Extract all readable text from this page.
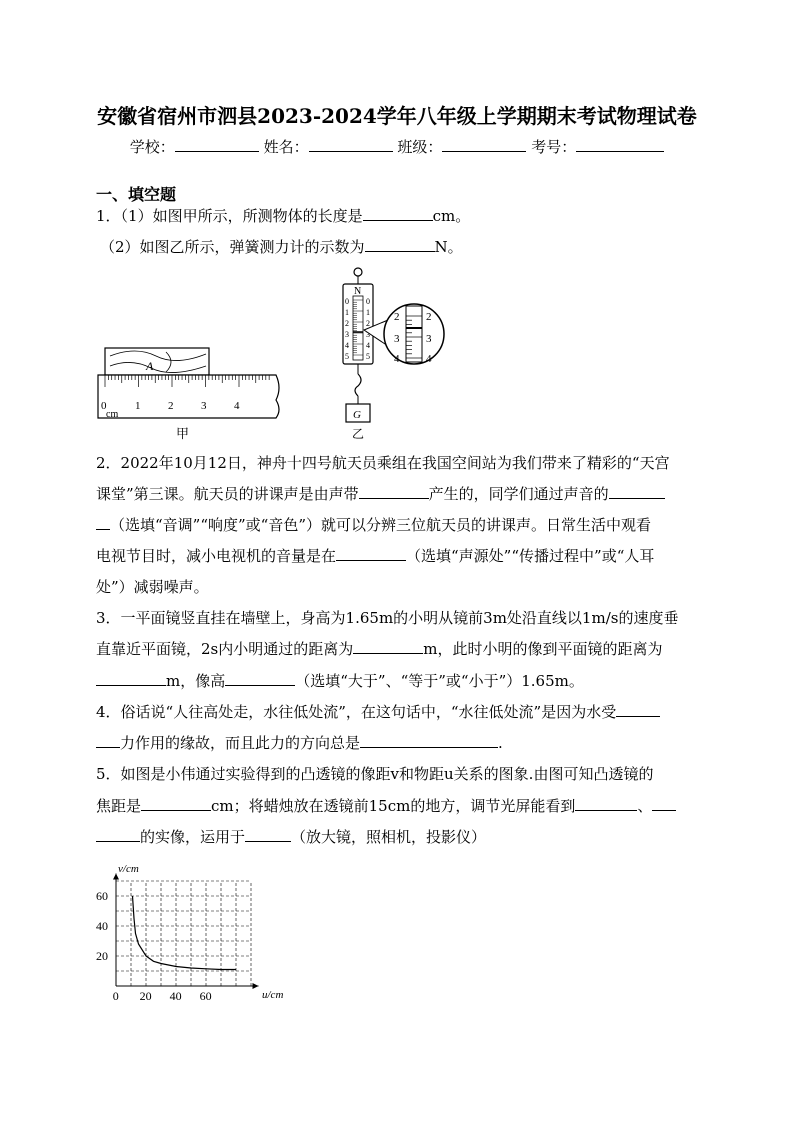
安徽省宿州市泗县2023-2024学年八年级上学期期末考试物理试卷
学校：	姓名：	班级：	考号：
一、填空题
1．（1）如图甲所示，所测物体的长度是	cm。
（2）如图乙所示，弹簧测力计的示数为	N。
A
0	1	2	3	4
cm
甲
N
0
1
2
3
4
5
0
1
2
3
4
5
G
乙
2
3
4
2
3
4
2．2022年10月12日，神舟十四号航天员乘组在我国空间站为我们带来了精彩的“天宫
课堂”第三课。航天员的讲课声是由声带	产生的，同学们通过声音的
（选填“音调”“响度”或“音色”）就可以分辨三位航天员的讲课声。日常生活中观看
电视节目时，减小电视机的音量是在	（选填“声源处”“传播过程中”或“人耳
处”）减弱噪声。
3．一平面镜竖直挂在墙壁上，身高为1.65m的小明从镜前3m处沿直线以1m/s的速度垂
直靠近平面镜，2s内小明通过的距离为	m，此时小明的像到平面镜的距离为
m，像高	（选填“大于”、“等于”或“小于”）1.65m。
4．俗话说“人往高处走，水往低处流”，在这句话中，“水往低处流”是因为水受
力作用的缘故，而且此力的方向总是	.
5．如图是小伟通过实验得到的凸透镜的像距v和物距u关系的图象.由图可知凸透镜的
焦距是	cm；将蜡烛放在透镜前15cm的地方，调节光屏能看到	、
的实像，运用于	（放大镜，照相机，投影仪）
0 20 40 60
20
40
60
v/cm
u/cm
